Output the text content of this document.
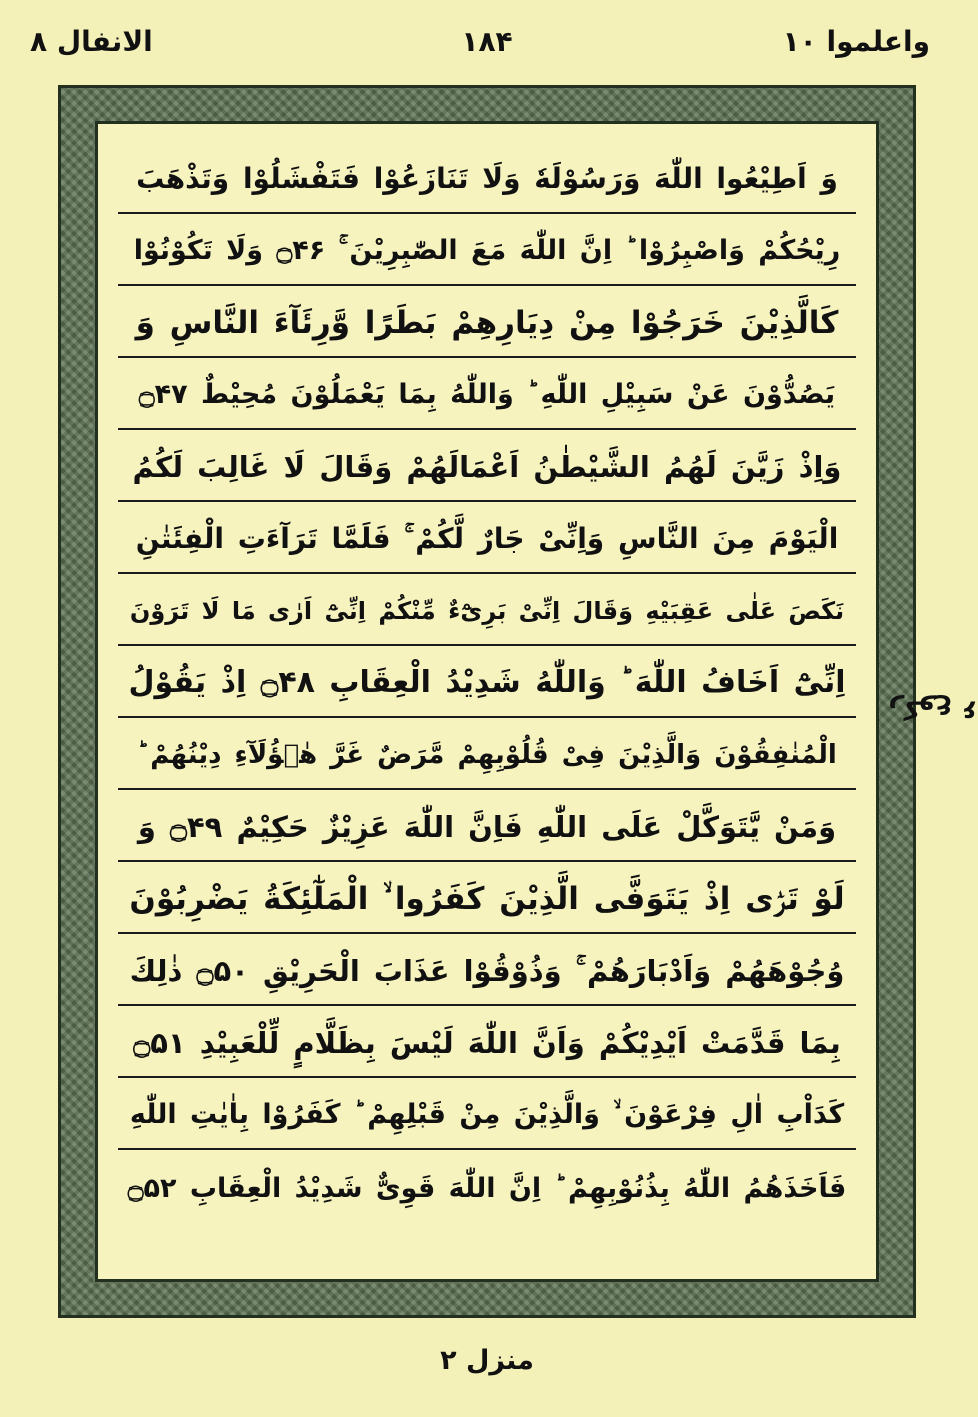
واعلموا ۱۰
۱۸۴
الانفال ۸
وَ اَطِيْعُوا اللّٰهَ وَرَسُوْلَهٗ وَلَا تَنَازَعُوْا فَتَفْشَلُوْا وَتَذْهَبَ
رِيْحُكُمْ وَاصْبِرُوْا ؕ اِنَّ اللّٰهَ مَعَ الصّٰبِرِيْنَ ۚ ۝۴۶ وَلَا تَكُوْنُوْا
كَالَّذِيْنَ خَرَجُوْا مِنْ دِيَارِهِمْ بَطَرًا وَّرِئَآءَ النَّاسِ وَ
يَصُدُّوْنَ عَنْ سَبِيْلِ اللّٰهِ ؕ وَاللّٰهُ بِمَا يَعْمَلُوْنَ مُحِيْطٌ ۝۴۷
وَاِذْ زَيَّنَ لَهُمُ الشَّيْطٰنُ اَعْمَالَهُمْ وَقَالَ لَا غَالِبَ لَكُمُ
الْيَوْمَ مِنَ النَّاسِ وَاِنِّیْ جَارٌ لَّكُمْ ۚ فَلَمَّا تَرَآءَتِ الْفِئَتٰنِ
نَكَصَ عَلٰى عَقِبَيْهِ وَقَالَ اِنِّیْ بَرِیْٓءٌ مِّنْكُمْ اِنِّیْٓ اَرٰى مَا لَا تَرَوْنَ
اِنِّیْٓ اَخَافُ اللّٰهَ ؕ وَاللّٰهُ شَدِيْدُ الْعِقَابِ ۝۴۸ اِذْ يَقُوْلُ
الْمُنٰفِقُوْنَ وَالَّذِيْنَ فِیْ قُلُوْبِهِمْ مَّرَضٌ غَرَّ هٰۤؤُلَآءِ دِيْنُهُمْ ؕ
وَمَنْ يَّتَوَكَّلْ عَلَى اللّٰهِ فَاِنَّ اللّٰهَ عَزِيْزٌ حَكِيْمٌ ۝۴۹ وَ
لَوْ تَرٰۤى اِذْ يَتَوَفَّى الَّذِيْنَ كَفَرُوا ۙ الْمَلٰٓئِكَةُ يَضْرِبُوْنَ
وُجُوْهَهُمْ وَاَدْبَارَهُمْ ۚ وَذُوْقُوْا عَذَابَ الْحَرِيْقِ ۝۵۰ ذٰلِكَ
بِمَا قَدَّمَتْ اَيْدِيْكُمْ وَاَنَّ اللّٰهَ لَيْسَ بِظَلَّامٍ لِّلْعَبِيْدِ ۝۵۱
كَدَاْبِ اٰلِ فِرْعَوْنَ ۙ وَالَّذِيْنَ مِنْ قَبْلِهِمْ ؕ كَفَرُوْا بِاٰيٰتِ اللّٰهِ
فَاَخَذَهُمُ اللّٰهُ بِذُنُوْبِهِمْ ؕ اِنَّ اللّٰهَ قَوِیٌّ شَدِيْدُ الْعِقَابِ ۝۵۲
ركوع ۶
منزل ۲
